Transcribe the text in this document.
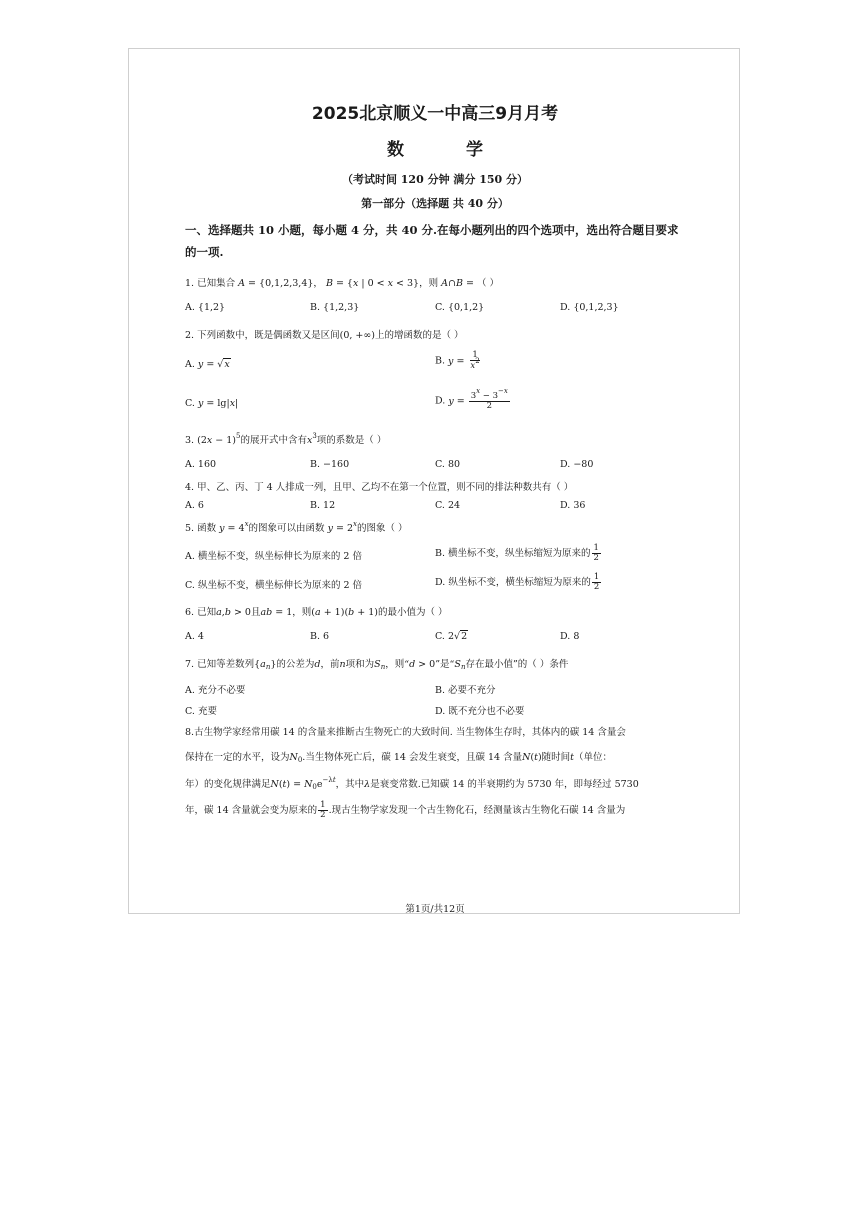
2025北京顺义一中高三9月月考
数 学
（考试时间 120 分钟 满分 150 分）
第一部分（选择题 共 40 分）
一、选择题共 10 小题，每小题 4 分，共 40 分.在每小题列出的四个选项中，选出符合题目要求的一项.
1. 已知集合 A = {0,1,2,3,4}， B = {x | 0 < x < 3}，则 A∩B = （ ）
A. {1,2}	B. {1,2,3}	C. {0,1,2}	D. {0,1,2,3}
2. 下列函数中，既是偶函数又是区间(0, +∞)上的增函数的是（ ）
A. y = √x	B. $y = \frac{1}{x^2}$
C. y = lg|x|	D. $y = \frac{3^x - 3^{-x}}{2}$
3. $(2x - 1)^5$的展开式中含有$x^3$项的系数是（ ）
A. 160	B. −160	C. 80	D. −80
4. 甲、乙、丙、丁 4 人排成一列，且甲、乙均不在第一个位置，则不同的排法种数共有（ ）
A. 6	B. 12	C. 24	D. 36
5. 函数 $y = 4^x$的图象可以由函数 $y = 2^x$的图象（ ）
A. 横坐标不变，纵坐标伸长为原来的 2 倍	B. 横坐标不变，纵坐标缩短为原来的 $\frac{1}{2}$
C. 纵坐标不变，横坐标伸长为原来的 2 倍	D. 纵坐标不变，横坐标缩短为原来的 $\frac{1}{2}$
6. 已知a,b > 0且ab = 1，则(a + 1)(b + 1)的最小值为（ ）
A. 4	B. 6	C. 2√2	D. 8
7. 已知等差数列$\{a_n\}$的公差为d，前n项和为$S_n$，则“d > 0”是“$S_n$存在最小值”的（ ）条件
A. 充分不必要	B. 必要不充分
C. 充要	D. 既不充分也不必要
8.古生物学家经常用碳 14 的含量来推断古生物死亡的大致时间. 当生物体生存时，其体内的碳 14 含量会
保持在一定的水平，设为$N_0$.当生物体死亡后，碳 14 会发生衰变，且碳 14 含量N(t)随时间t（单位：
年）的变化规律满足$N(t) = N_0e^{-\lambda t}$，其中λ是衰变常数.已知碳 14 的半衰期约为 5730 年，即每经过 5730
年，碳 14 含量就会变为原来的 $\frac{1}{2}$ .现古生物学家发现一个古生物化石，经测量该古生物化石碳 14 含量为
第1页/共12页
